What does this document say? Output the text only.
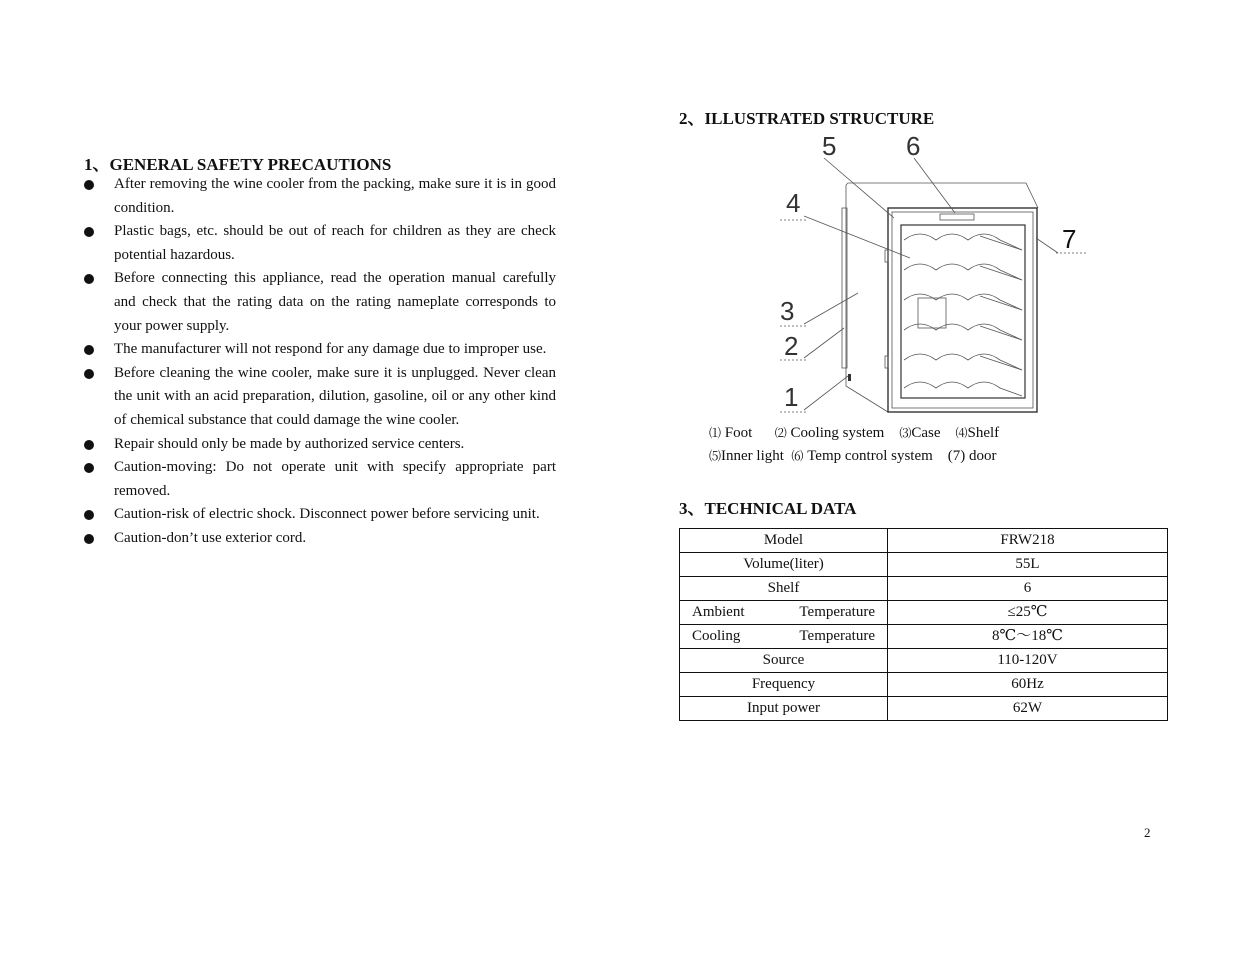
1、GENERAL SAFETY PRECAUTIONS
After removing the wine cooler from the packing, make sure it is in good condition.
Plastic bags, etc. should be out of reach for children as they are check potential hazardous.
Before connecting this appliance, read the operation manual carefully and check that the rating data on the rating nameplate corresponds to your power supply.
The manufacturer will not respond for any damage due to improper use.
Before cleaning the wine cooler, make sure it is unplugged. Never clean the unit with an acid preparation, dilution, gasoline, oil or any other kind of chemical substance that could damage the wine cooler.
Repair should only be made by authorized service centers.
Caution-moving: Do not operate unit with specify appropriate part removed.
Caution-risk of electric shock. Disconnect power before servicing unit.
Caution-don’t use exterior cord.
2、ILLUSTRATED STRUCTURE
5	6
4
7
3
2
1
⑴ Foot ⑵ Cooling system ⑶Case ⑷Shelf
⑸Inner light ⑹ Temp control system (7) door
3、TECHNICAL DATA
Model	FRW218
Volume(liter)	55L
Shelf	6
Ambient Temperature	≤25℃
Cooling Temperature	8℃～18℃
Source	110-120V
Frequency	60Hz
Input power	62W
2
